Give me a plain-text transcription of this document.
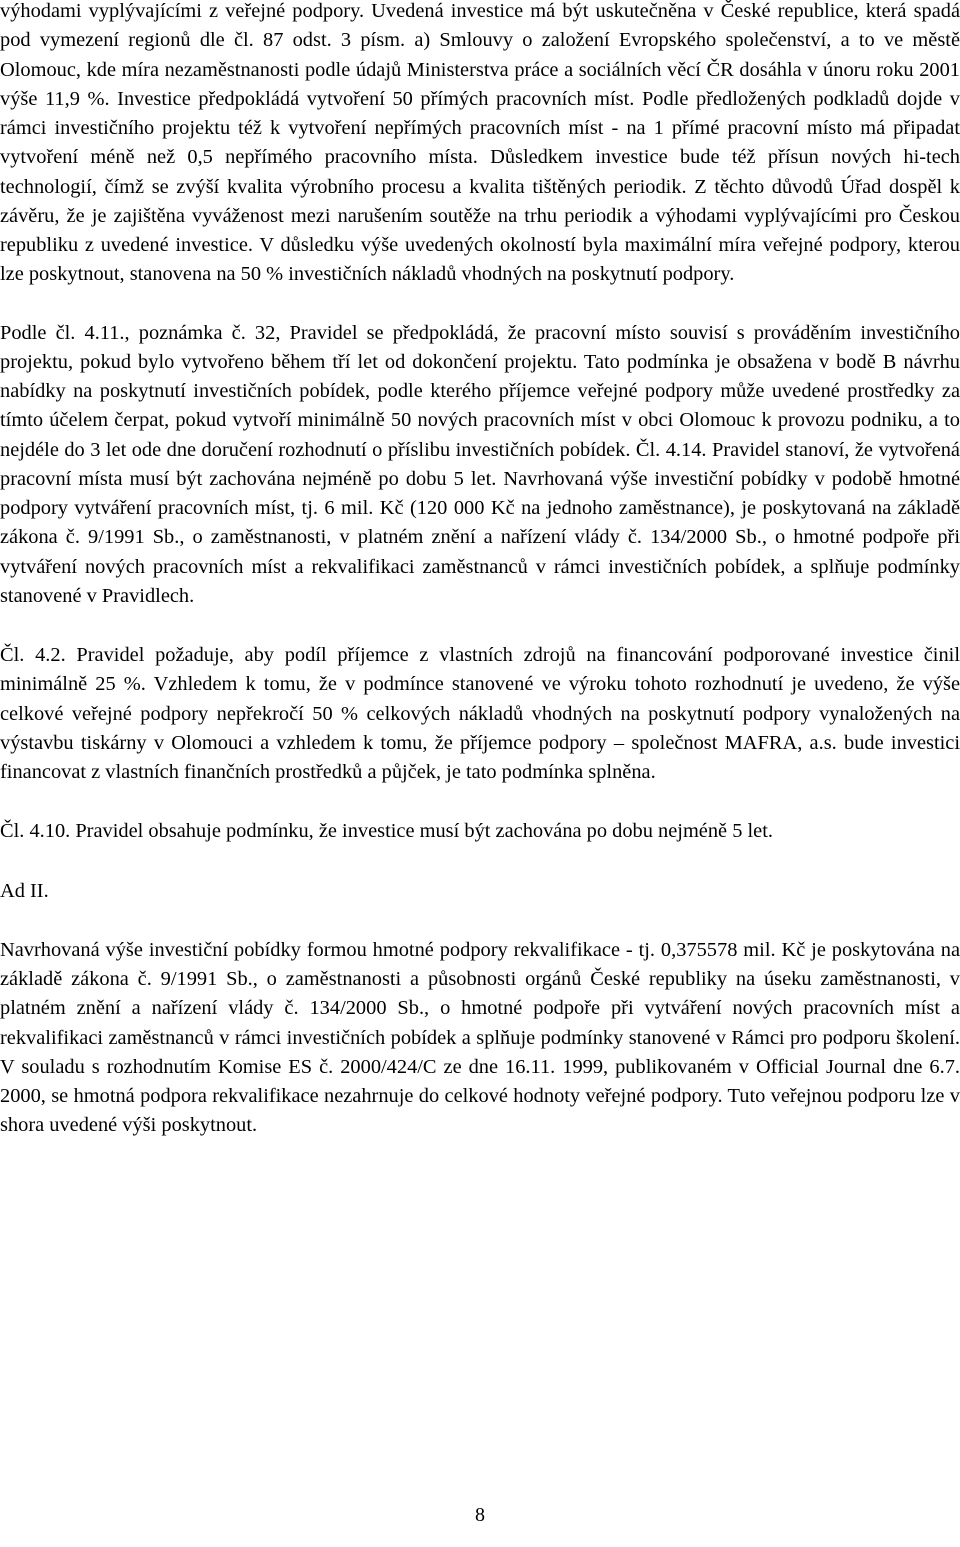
výhodami vyplývajícími z veřejné podpory. Uvedená investice má být uskutečněna v České republice, která spadá pod vymezení regionů dle čl. 87 odst. 3 písm. a) Smlouvy o založení Evropského společenství, a to ve městě Olomouc, kde míra nezaměstnanosti podle údajů Ministerstva práce a sociálních věcí ČR dosáhla v únoru roku 2001 výše 11,9 %. Investice předpokládá vytvoření 50 přímých pracovních míst. Podle předložených podkladů dojde v rámci investičního projektu též k vytvoření nepřímých pracovních míst - na 1 přímé pracovní místo má připadat vytvoření méně než 0,5 nepřímého pracovního místa. Důsledkem investice bude též přísun nových hi-tech technologií, čímž se zvýší kvalita výrobního procesu a kvalita tištěných periodik. Z těchto důvodů Úřad dospěl k závěru, že je zajištěna vyváženost mezi narušením soutěže na trhu periodik a výhodami vyplývajícími pro Českou republiku z uvedené investice. V důsledku výše uvedených okolností byla maximální míra veřejné podpory, kterou lze poskytnout, stanovena na 50 % investičních nákladů vhodných na poskytnutí podpory.

Podle čl. 4.11., poznámka č. 32, Pravidel se předpokládá, že pracovní místo souvisí s prováděním investičního projektu, pokud bylo vytvořeno během tří let od dokončení projektu. Tato podmínka je obsažena v bodě B návrhu nabídky na poskytnutí investičních pobídek, podle kterého příjemce veřejné podpory může uvedené prostředky za tímto účelem čerpat, pokud vytvoří minimálně 50 nových pracovních míst v obci Olomouc k provozu podniku, a to nejdéle do 3 let ode dne doručení rozhodnutí o příslibu investičních pobídek. Čl. 4.14. Pravidel stanoví, že vytvořená pracovní místa musí být zachována nejméně po dobu 5 let. Navrhovaná výše investiční pobídky v podobě hmotné podpory vytváření pracovních míst, tj. 6 mil. Kč (120 000 Kč na jednoho zaměstnance), je poskytovaná na základě zákona č. 9/1991 Sb., o zaměstnanosti, v platném znění a nařízení vlády č. 134/2000 Sb., o hmotné podpoře při vytváření nových pracovních míst a rekvalifikaci zaměstnanců v rámci investičních pobídek, a splňuje podmínky stanovené v Pravidlech.

Čl. 4.2. Pravidel požaduje, aby podíl příjemce z vlastních zdrojů na financování podporované investice činil minimálně 25 %. Vzhledem k tomu, že v podmínce stanovené ve výroku tohoto rozhodnutí je uvedeno, že výše celkové veřejné podpory nepřekročí 50 % celkových nákladů vhodných na poskytnutí podpory vynaložených na výstavbu tiskárny v Olomouci a vzhledem k tomu, že příjemce podpory – společnost MAFRA, a.s. bude investici financovat z vlastních finančních prostředků a půjček, je tato podmínka splněna.

Čl. 4.10. Pravidel obsahuje podmínku, že investice musí být zachována po dobu nejméně 5 let.

Ad II.

Navrhovaná výše investiční pobídky formou hmotné podpory rekvalifikace - tj. 0,375578 mil. Kč je poskytována na základě zákona č. 9/1991 Sb., o zaměstnanosti a působnosti orgánů České republiky na úseku zaměstnanosti, v platném znění a nařízení vlády č. 134/2000 Sb., o hmotné podpoře při vytváření nových pracovních míst a rekvalifikaci zaměstnanců v rámci investičních pobídek a splňuje podmínky stanovené v Rámci pro podporu školení. V souladu s rozhodnutím Komise ES č. 2000/424/C ze dne 16.11. 1999, publikovaném v Official Journal dne 6.7. 2000, se hmotná podpora rekvalifikace nezahrnuje do celkové hodnoty veřejné podpory. Tuto veřejnou podporu lze v shora uvedené výši poskytnout.

8
